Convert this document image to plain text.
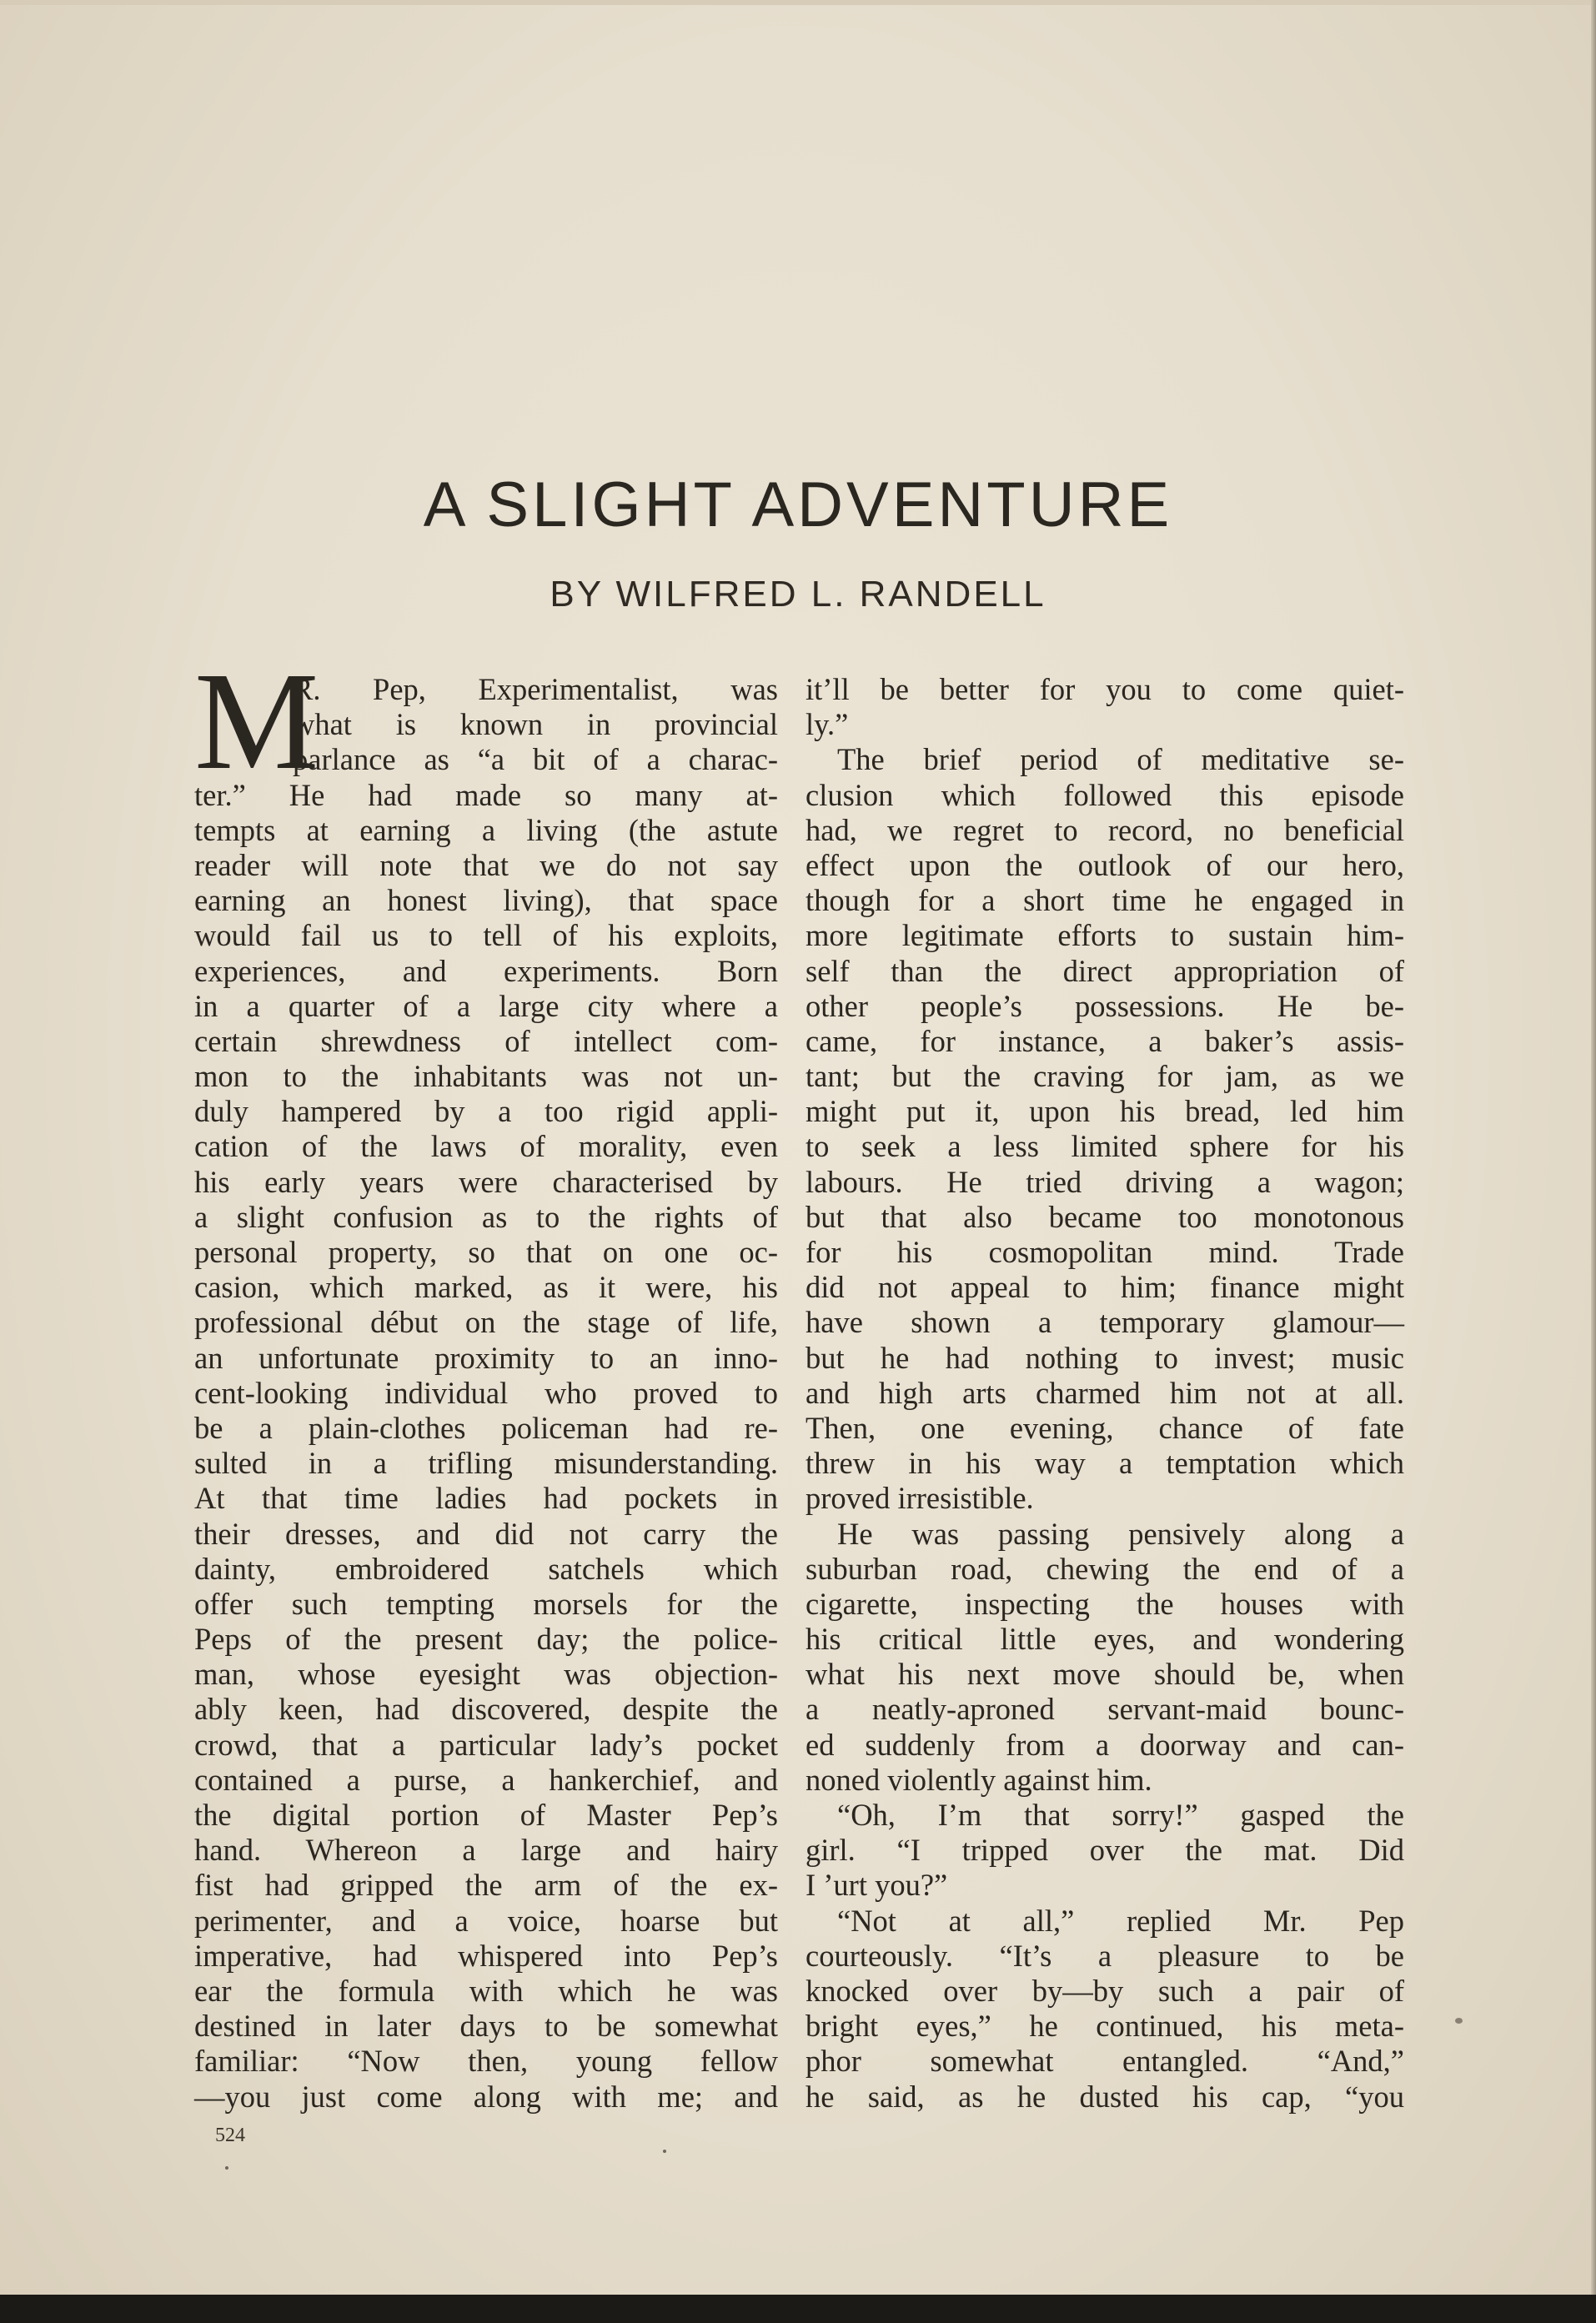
A SLIGHT ADVENTURE
BY WILFRED L. RANDELL
M
R. Pep, Experimentalist, was
what is known in provincial
parlance as “a bit of a charac-
ter.” He had made so many at-
tempts at earning a living (the astute
reader will note that we do not say
earning an honest living), that space
would fail us to tell of his exploits,
experiences, and experiments. Born
in a quarter of a large city where a
certain shrewdness of intellect com-
mon to the inhabitants was not un-
duly hampered by a too rigid appli-
cation of the laws of morality, even
his early years were characterised by
a slight confusion as to the rights of
personal property, so that on one oc-
casion, which marked, as it were, his
professional début on the stage of life,
an unfortunate proximity to an inno-
cent-looking individual who proved to
be a plain-clothes policeman had re-
sulted in a trifling misunderstanding.
At that time ladies had pockets in
their dresses, and did not carry the
dainty, embroidered satchels which
offer such tempting morsels for the
Peps of the present day; the police-
man, whose eyesight was objection-
ably keen, had discovered, despite the
crowd, that a particular lady’s pocket
contained a purse, a hankerchief, and
the digital portion of Master Pep’s
hand. Whereon a large and hairy
fist had gripped the arm of the ex-
perimenter, and a voice, hoarse but
imperative, had whispered into Pep’s
ear the formula with which he was
destined in later days to be somewhat
familiar: “Now then, young fellow
—you just come along with me; and
it’ll be better for you to come quiet-
ly.”
The brief period of meditative se-
clusion which followed this episode
had, we regret to record, no beneficial
effect upon the outlook of our hero,
though for a short time he engaged in
more legitimate efforts to sustain him-
self than the direct appropriation of
other people’s possessions. He be-
came, for instance, a baker’s assis-
tant; but the craving for jam, as we
might put it, upon his bread, led him
to seek a less limited sphere for his
labours. He tried driving a wagon;
but that also became too monotonous
for his cosmopolitan mind. Trade
did not appeal to him; finance might
have shown a temporary glamour—
but he had nothing to invest; music
and high arts charmed him not at all.
Then, one evening, chance of fate
threw in his way a temptation which
proved irresistible.
He was passing pensively along a
suburban road, chewing the end of a
cigarette, inspecting the houses with
his critical little eyes, and wondering
what his next move should be, when
a neatly-aproned servant-maid bounc-
ed suddenly from a doorway and can-
noned violently against him.
“Oh, I’m that sorry!” gasped the
girl. “I tripped over the mat. Did
I ’urt you?”
“Not at all,” replied Mr. Pep
courteously. “It’s a pleasure to be
knocked over by—by such a pair of
bright eyes,” he continued, his meta-
phor somewhat entangled. “And,”
he said, as he dusted his cap, “you
524
